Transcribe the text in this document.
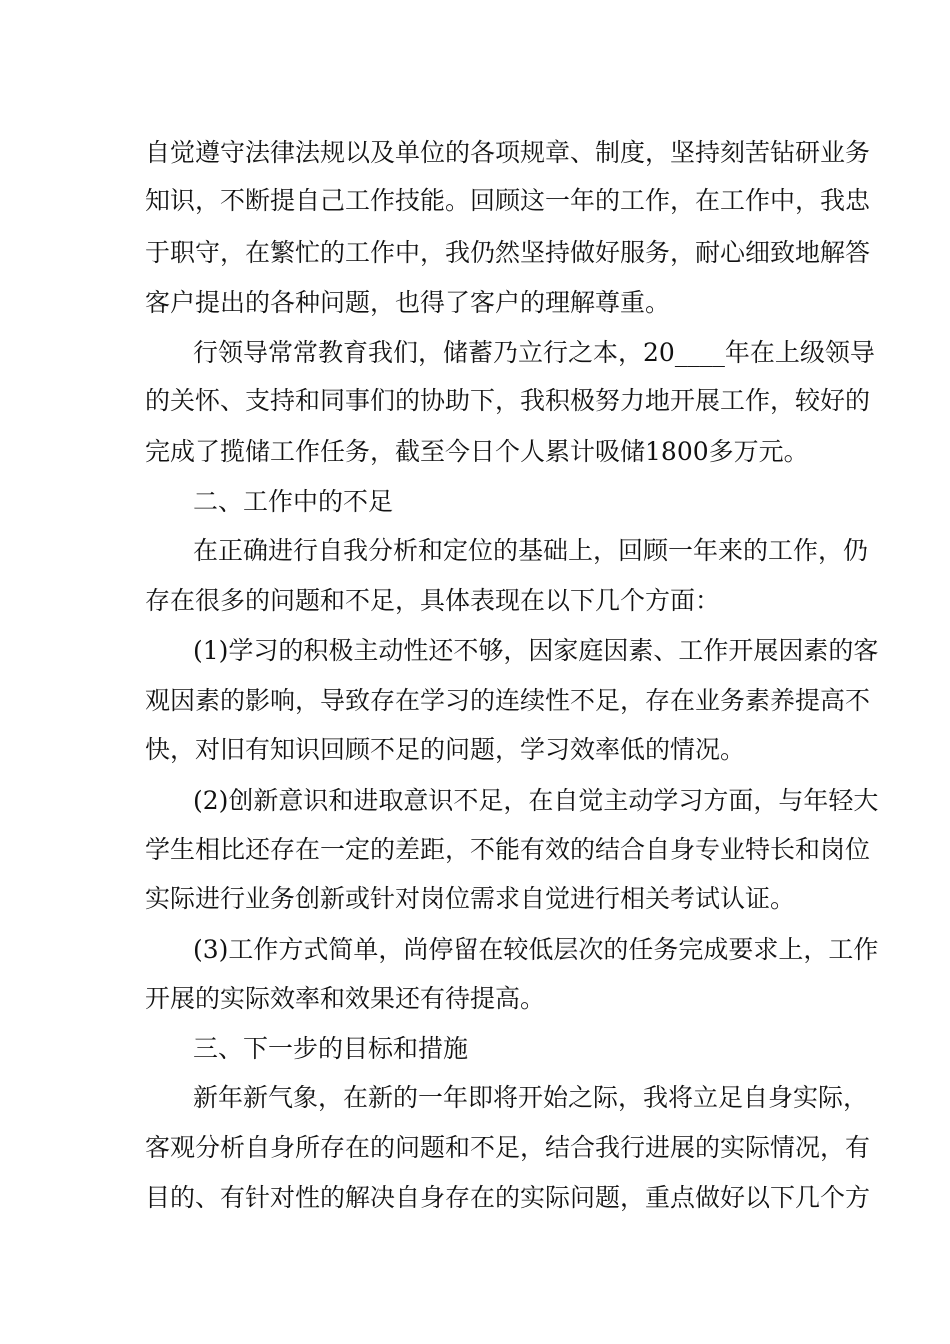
自觉遵守法律法规以及单位的各项规章、制度，坚持刻苦钻研业务
知识，不断提自己工作技能。回顾这一年的工作，在工作中，我忠
于职守，在繁忙的工作中，我仍然坚持做好服务，耐心细致地解答
客户提出的各种问题，也得了客户的理解尊重。
行领导常常教育我们，储蓄乃立行之本，20____年在上级领导
的关怀、支持和同事们的协助下，我积极努力地开展工作，较好的
完成了揽储工作任务，截至今日个人累计吸储1800多万元。
二、工作中的不足
在正确进行自我分析和定位的基础上，回顾一年来的工作，仍
存在很多的问题和不足，具体表现在以下几个方面：
(1)学习的积极主动性还不够，因家庭因素、工作开展因素的客
观因素的影响，导致存在学习的连续性不足，存在业务素养提高不
快，对旧有知识回顾不足的问题，学习效率低的情况。
(2)创新意识和进取意识不足，在自觉主动学习方面，与年轻大
学生相比还存在一定的差距，不能有效的结合自身专业特长和岗位
实际进行业务创新或针对岗位需求自觉进行相关考试认证。
(3)工作方式简单，尚停留在较低层次的任务完成要求上，工作
开展的实际效率和效果还有待提高。
三、下一步的目标和措施
新年新气象，在新的一年即将开始之际，我将立足自身实际，
客观分析自身所存在的问题和不足，结合我行进展的实际情况，有
目的、有针对性的解决自身存在的实际问题，重点做好以下几个方
